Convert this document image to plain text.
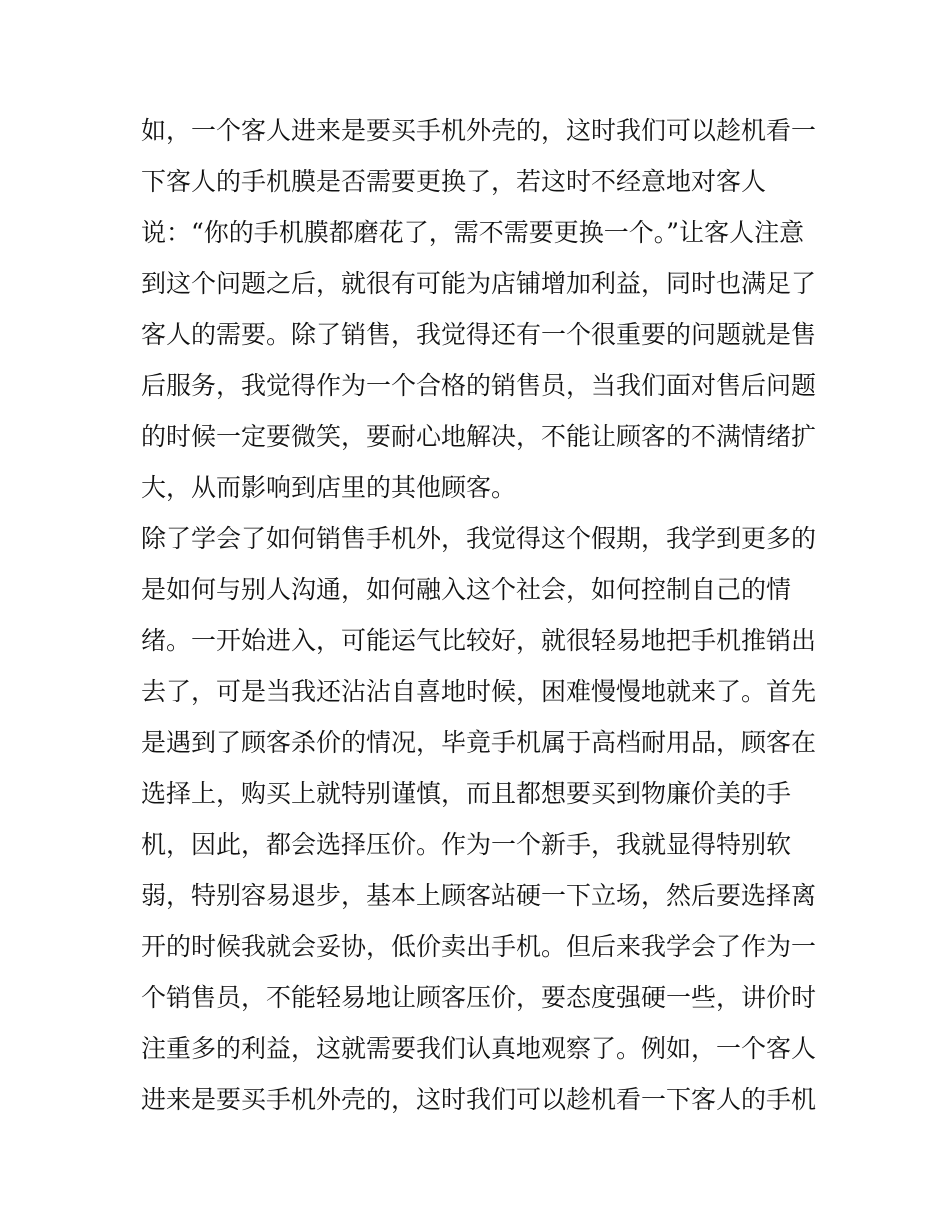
如，一个客人进来是要买手机外壳的，这时我们可以趁机看一
下客人的手机膜是否需要更换了，若这时不经意地对客人
说：“你的手机膜都磨花了，需不需要更换一个。”让客人注意
到这个问题之后，就很有可能为店铺增加利益，同时也满足了
客人的需要。除了销售，我觉得还有一个很重要的问题就是售
后服务，我觉得作为一个合格的销售员，当我们面对售后问题
的时候一定要微笑，要耐心地解决，不能让顾客的不满情绪扩
大，从而影响到店里的其他顾客。
除了学会了如何销售手机外，我觉得这个假期，我学到更多的
是如何与别人沟通，如何融入这个社会，如何控制自己的情
绪。一开始进入，可能运气比较好，就很轻易地把手机推销出
去了，可是当我还沾沾自喜地时候，困难慢慢地就来了。首先
是遇到了顾客杀价的情况，毕竟手机属于高档耐用品，顾客在
选择上，购买上就特别谨慎，而且都想要买到物廉价美的手
机，因此，都会选择压价。作为一个新手，我就显得特别软
弱，特别容易退步，基本上顾客站硬一下立场，然后要选择离
开的时候我就会妥协，低价卖出手机。但后来我学会了作为一
个销售员，不能轻易地让顾客压价，要态度强硬一些，讲价时
注重多的利益，这就需要我们认真地观察了。例如，一个客人
进来是要买手机外壳的，这时我们可以趁机看一下客人的手机
